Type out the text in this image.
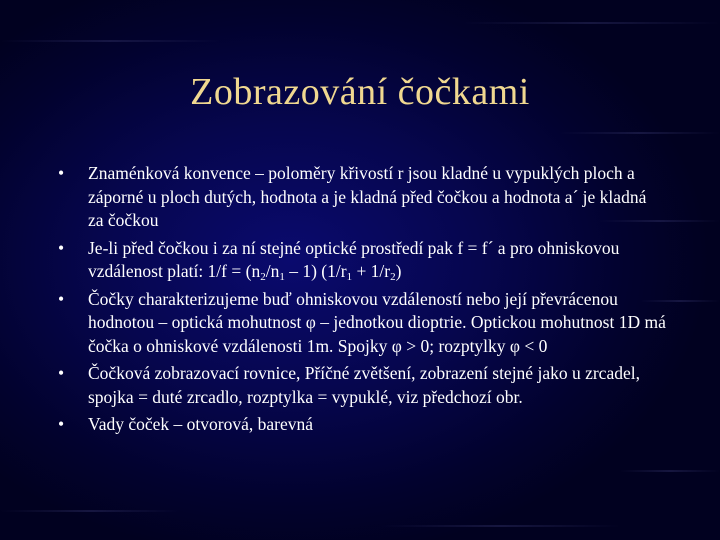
Zobrazování čočkami
•	Znaménková konvence – poloměry křivostí r jsou kladné u vypuklých ploch a záporné u ploch dutých, hodnota a je kladná před čočkou a hodnota a´ je kladná za čočkou
•	Je-li před čočkou i za ní stejné optické prostředí pak f = f´ a pro ohniskovou vzdálenost platí: $1/f = (n_2/n_1 - 1) (1/r_1 + 1/r_2)$
•	Čočky charakterizujeme buď ohniskovou vzdáleností nebo její převrácenou hodnotou – optická mohutnost φ – jednotkou dioptrie. Optickou mohutnost 1D má čočka o ohniskové vzdálenosti 1m. Spojky φ > 0; rozptylky φ < 0
•	Čočková zobrazovací rovnice, Příčné zvětšení, zobrazení stejné jako u zrcadel, spojka = duté zrcadlo, rozptylka = vypuklé, viz předchozí obr.
•	Vady čoček – otvorová, barevná
